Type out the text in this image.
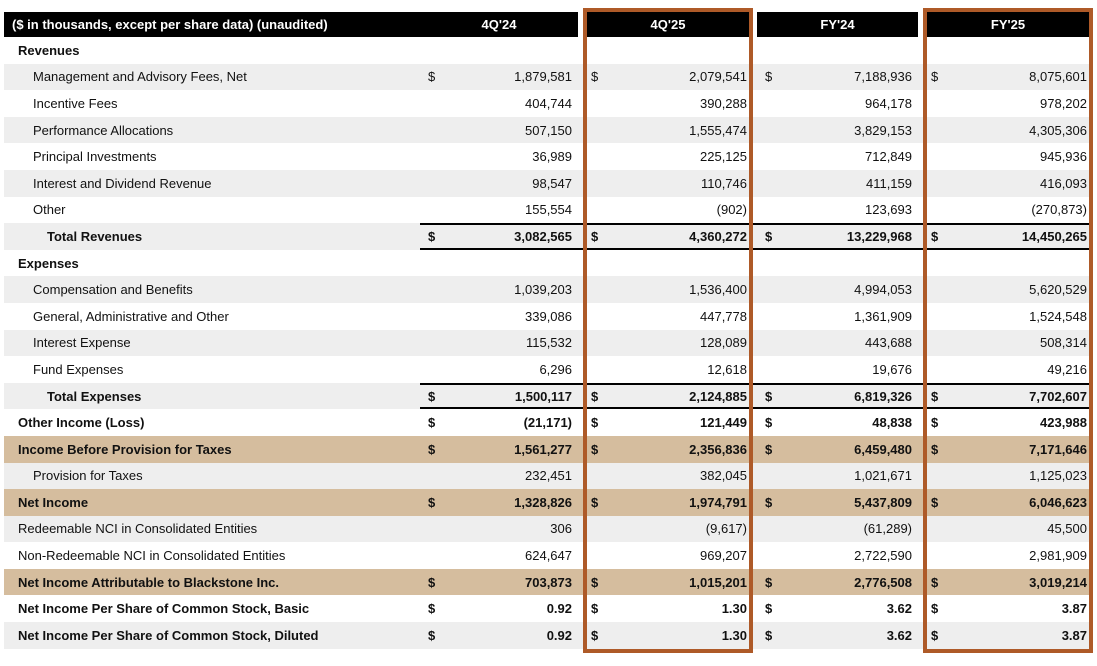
($ in thousands, except per share data) (unaudited)	4Q'24	4Q'25	FY'24	FY'25
Revenues
Management and Advisory Fees, Net	$	1,879,581 $	2,079,541 $	7,188,936 $	8,075,601
Incentive Fees	404,744	390,288	964,178	978,202
Performance Allocations	507,150	1,555,474	3,829,153	4,305,306
Principal Investments	36,989	225,125	712,849	945,936
Interest and Dividend Revenue	98,547	110,746	411,159	416,093
Other	155,554	(902)	123,693	(270,873)
Total Revenues	$	3,082,565 $	4,360,272 $	13,229,968 $	14,450,265
Expenses
Compensation and Benefits	1,039,203	1,536,400	4,994,053	5,620,529
General, Administrative and Other	339,086	447,778	1,361,909	1,524,548
Interest Expense	115,532	128,089	443,688	508,314
Fund Expenses	6,296	12,618	19,676	49,216
Total Expenses	$	1,500,117 $	2,124,885 $	6,819,326 $	7,702,607
Other Income (Loss)	$	(21,171) $	121,449 $	48,838 $	423,988
Income Before Provision for Taxes	$	1,561,277 $	2,356,836 $	6,459,480 $	7,171,646
Provision for Taxes	232,451	382,045	1,021,671	1,125,023
Net Income	$	1,328,826 $	1,974,791 $	5,437,809 $	6,046,623
Redeemable NCI in Consolidated Entities	306	(9,617)	(61,289)	45,500
Non-Redeemable NCI in Consolidated Entities	624,647	969,207	2,722,590	2,981,909
Net Income Attributable to Blackstone Inc.	$	703,873 $	1,015,201 $	2,776,508 $	3,019,214
Net Income Per Share of Common Stock, Basic	$	0.92 $	1.30 $	3.62 $	3.87
Net Income Per Share of Common Stock, Diluted	$	0.92 $	1.30 $	3.62 $	3.87
